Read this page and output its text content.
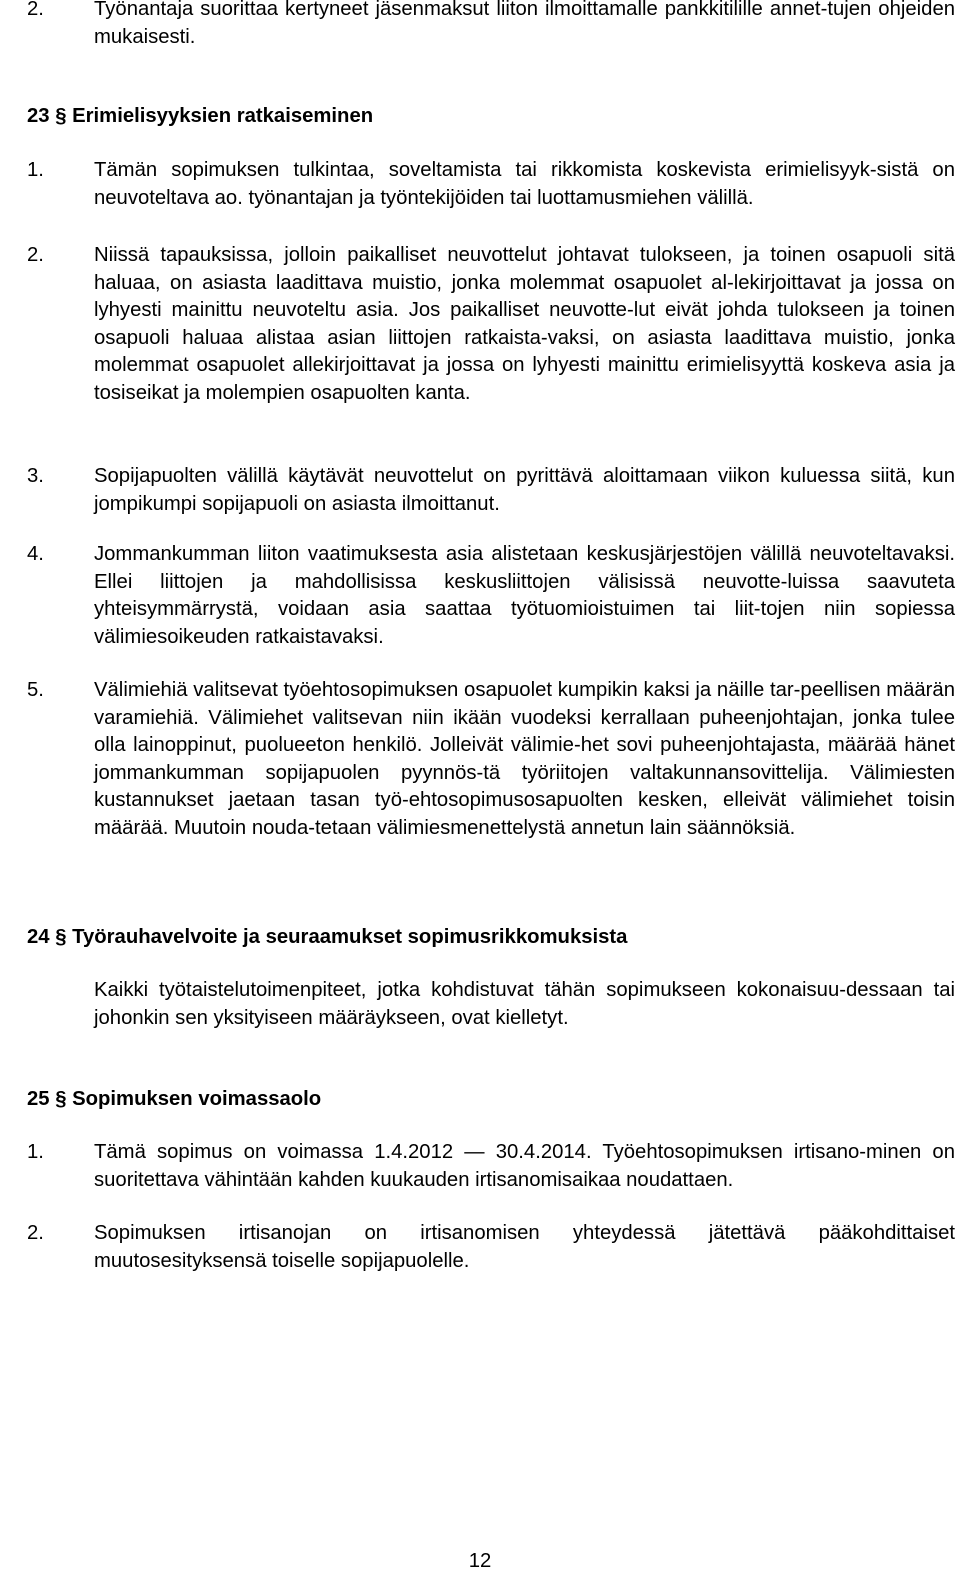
2.	Työnantaja suorittaa kertyneet jäsenmaksut liiton ilmoittamalle pankkitilille annet-tujen ohjeiden mukaisesti.
23 § Erimielisyyksien ratkaiseminen
1.	Tämän sopimuksen tulkintaa, soveltamista tai rikkomista koskevista erimielisyyk-sistä on neuvoteltava ao. työnantajan ja työntekijöiden tai luottamusmiehen välillä.
2.	Niissä tapauksissa, jolloin paikalliset neuvottelut johtavat tulokseen, ja toinen osapuoli sitä haluaa, on asiasta laadittava muistio, jonka molemmat osapuolet al-lekirjoittavat ja jossa on lyhyesti mainittu neuvoteltu asia. Jos paikalliset neuvotte-lut eivät johda tulokseen ja toinen osapuoli haluaa alistaa asian liittojen ratkaista-vaksi, on asiasta laadittava muistio, jonka molemmat osapuolet allekirjoittavat ja jossa on lyhyesti mainittu erimielisyyttä koskeva asia ja tosiseikat ja molempien osapuolten kanta.
3.	Sopijapuolten välillä käytävät neuvottelut on pyrittävä aloittamaan viikon kuluessa siitä, kun jompikumpi sopijapuoli on asiasta ilmoittanut.
4.	Jommankumman liiton vaatimuksesta asia alistetaan keskusjärjestöjen välillä neuvoteltavaksi. Ellei liittojen ja mahdollisissa keskusliittojen välisissä neuvotte-luissa saavuteta yhteisymmärrystä, voidaan asia saattaa työtuomioistuimen tai liit-tojen niin sopiessa välimiesoikeuden ratkaistavaksi.
5.	Välimiehiä valitsevat työehtosopimuksen osapuolet kumpikin kaksi ja näille tar-peellisen määrän varamiehiä. Välimiehet valitsevan niin ikään vuodeksi kerrallaan puheenjohtajan, jonka tulee olla lainoppinut, puolueeton henkilö. Jolleivät välimie-het sovi puheenjohtajasta, määrää hänet jommankumman sopijapuolen pyynnös-tä työriitojen valtakunnansovittelija. Välimiesten kustannukset jaetaan tasan työ-ehtosopimusosapuolten kesken, elleivät välimiehet toisin määrää. Muutoin nouda-tetaan välimiesmenettelystä annetun lain säännöksiä.
24 § Työrauhavelvoite ja seuraamukset sopimusrikkomuksista
Kaikki työtaistelutoimenpiteet, jotka kohdistuvat tähän sopimukseen kokonaisuu-dessaan tai johonkin sen yksityiseen määräykseen, ovat kielletyt.
25 § Sopimuksen voimassaolo
1.	Tämä sopimus on voimassa 1.4.2012 — 30.4.2014. Työehtosopimuksen irtisano-minen on suoritettava vähintään kahden kuukauden irtisanomisaikaa noudattaen.
2.	Sopimuksen irtisanojan on irtisanomisen yhteydessä jätettävä pääkohdittaiset muutosesityksensä toiselle sopijapuolelle.
12
